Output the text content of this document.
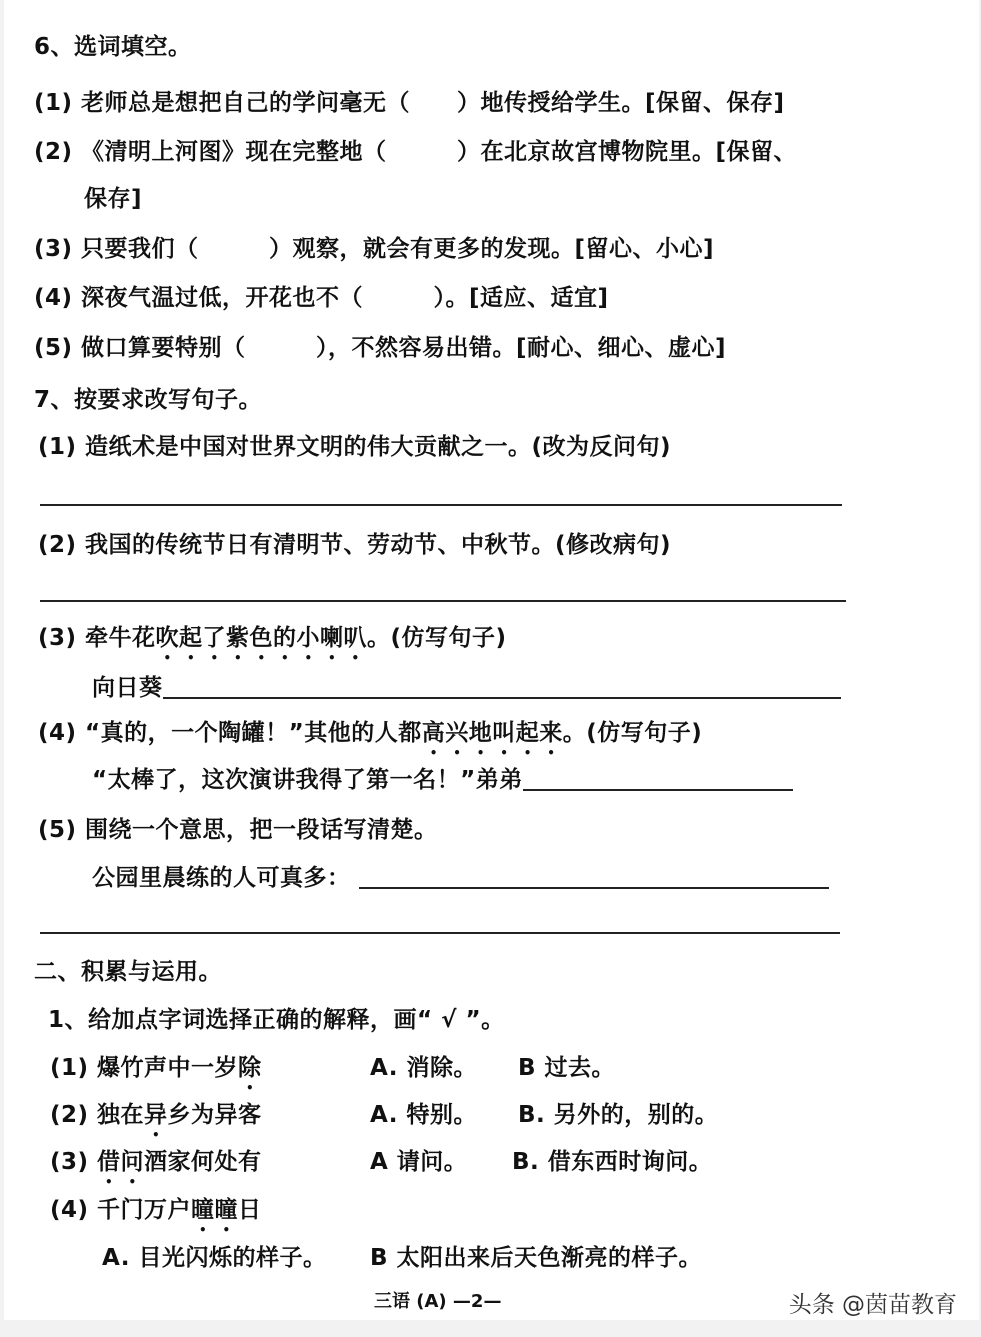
6、选词填空。
(1) 老师总是想把自己的学问毫无（　　）地传授给学生。[保留、保存]
(2) 《清明上河图》现在完整地（　　　）在北京故宫博物院里。[保留、
保存]
(3) 只要我们（　　　）观察，就会有更多的发现。[留心、小心]
(4) 深夜气温过低，开花也不（　　　）。[适应、适宜]
(5) 做口算要特别（　　　），不然容易出错。[耐心、细心、虚心]
7、按要求改写句子。
(1) 造纸术是中国对世界文明的伟大贡献之一。(改为反问句)
(2) 我国的传统节日有清明节、劳动节、中秋节。(修改病句)
(3) 牵牛花吹起了紫色的小喇叭。(仿写句子)
向日葵
(4) “真的，一个陶罐！”其他的人都高兴地叫起来。(仿写句子)
“太棒了，这次演讲我得了第一名！”弟弟
(5) 围绕一个意思，把一段话写清楚。
公园里晨练的人可真多：
二、积累与运用。
1、给加点字词选择正确的解释，画“ √ ”。
(1) 爆竹声中一岁除	A. 消除。 B 过去。
(2) 独在异乡为异客	A. 特别。 B. 另外的，别的。
(3) 借问酒家何处有	A 请问。 B. 借东西时询问。
(4) 千门万户曈曈日
A. 目光闪烁的样子。 B 太阳出来后天色渐亮的样子。
三语 (A) —2—	头条 @茵苗教育
